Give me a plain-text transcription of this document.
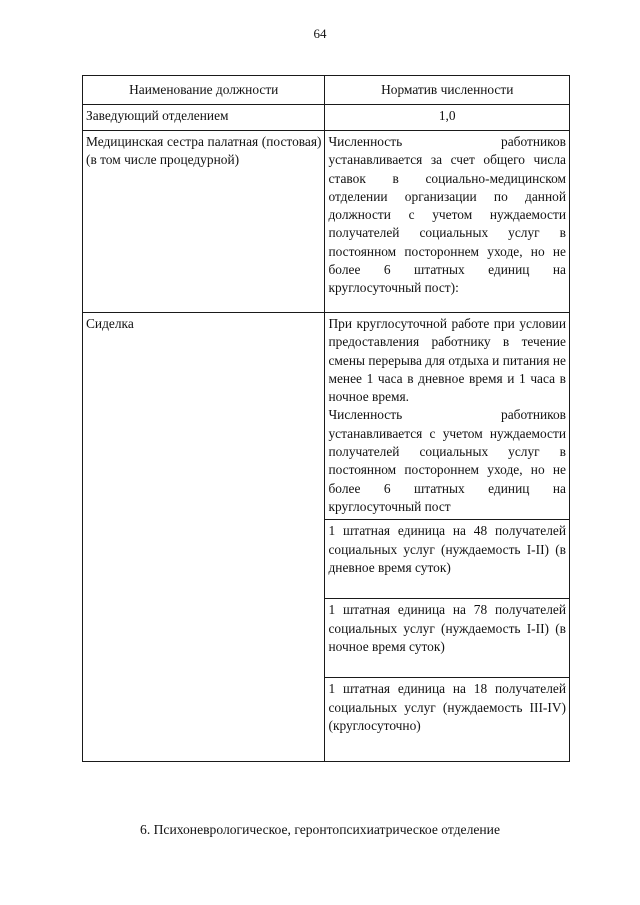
64
Наименование должности	Норматив численности
Заведующий отделением	1,0
Медицинская сестра палатная (постовая) (в том числе процедурной)	Численность работников устанавливается за счет общего числа ставок в социально-медицинском отделении организации по данной должности с учетом нуждаемости получателей социальных услуг в постоянном постороннем уходе, но не более 6 штатных единиц на круглосуточный пост):
Сиделка	При круглосуточной работе при условии предоставления работнику в течение смены перерыва для отдыха и питания не менее 1 часа в дневное время и 1 часа в ночное время.
Численность работников устанавливается с учетом нуждаемости получателей социальных услуг в постоянном постороннем уходе, но не более 6 штатных единиц на круглосуточный пост

	1 штатная единица на 48 получателей социальных услуг (нуждаемость I-II) (в дневное время суток)
	1 штатная единица на 78 получателей социальных услуг (нуждаемость I-II) (в ночное время суток)
	1 штатная единица на 18 получателей социальных услуг (нуждаемость III-IV) (круглосуточно)
6. Психоневрологическое, геронтопсихиатрическое отделение
